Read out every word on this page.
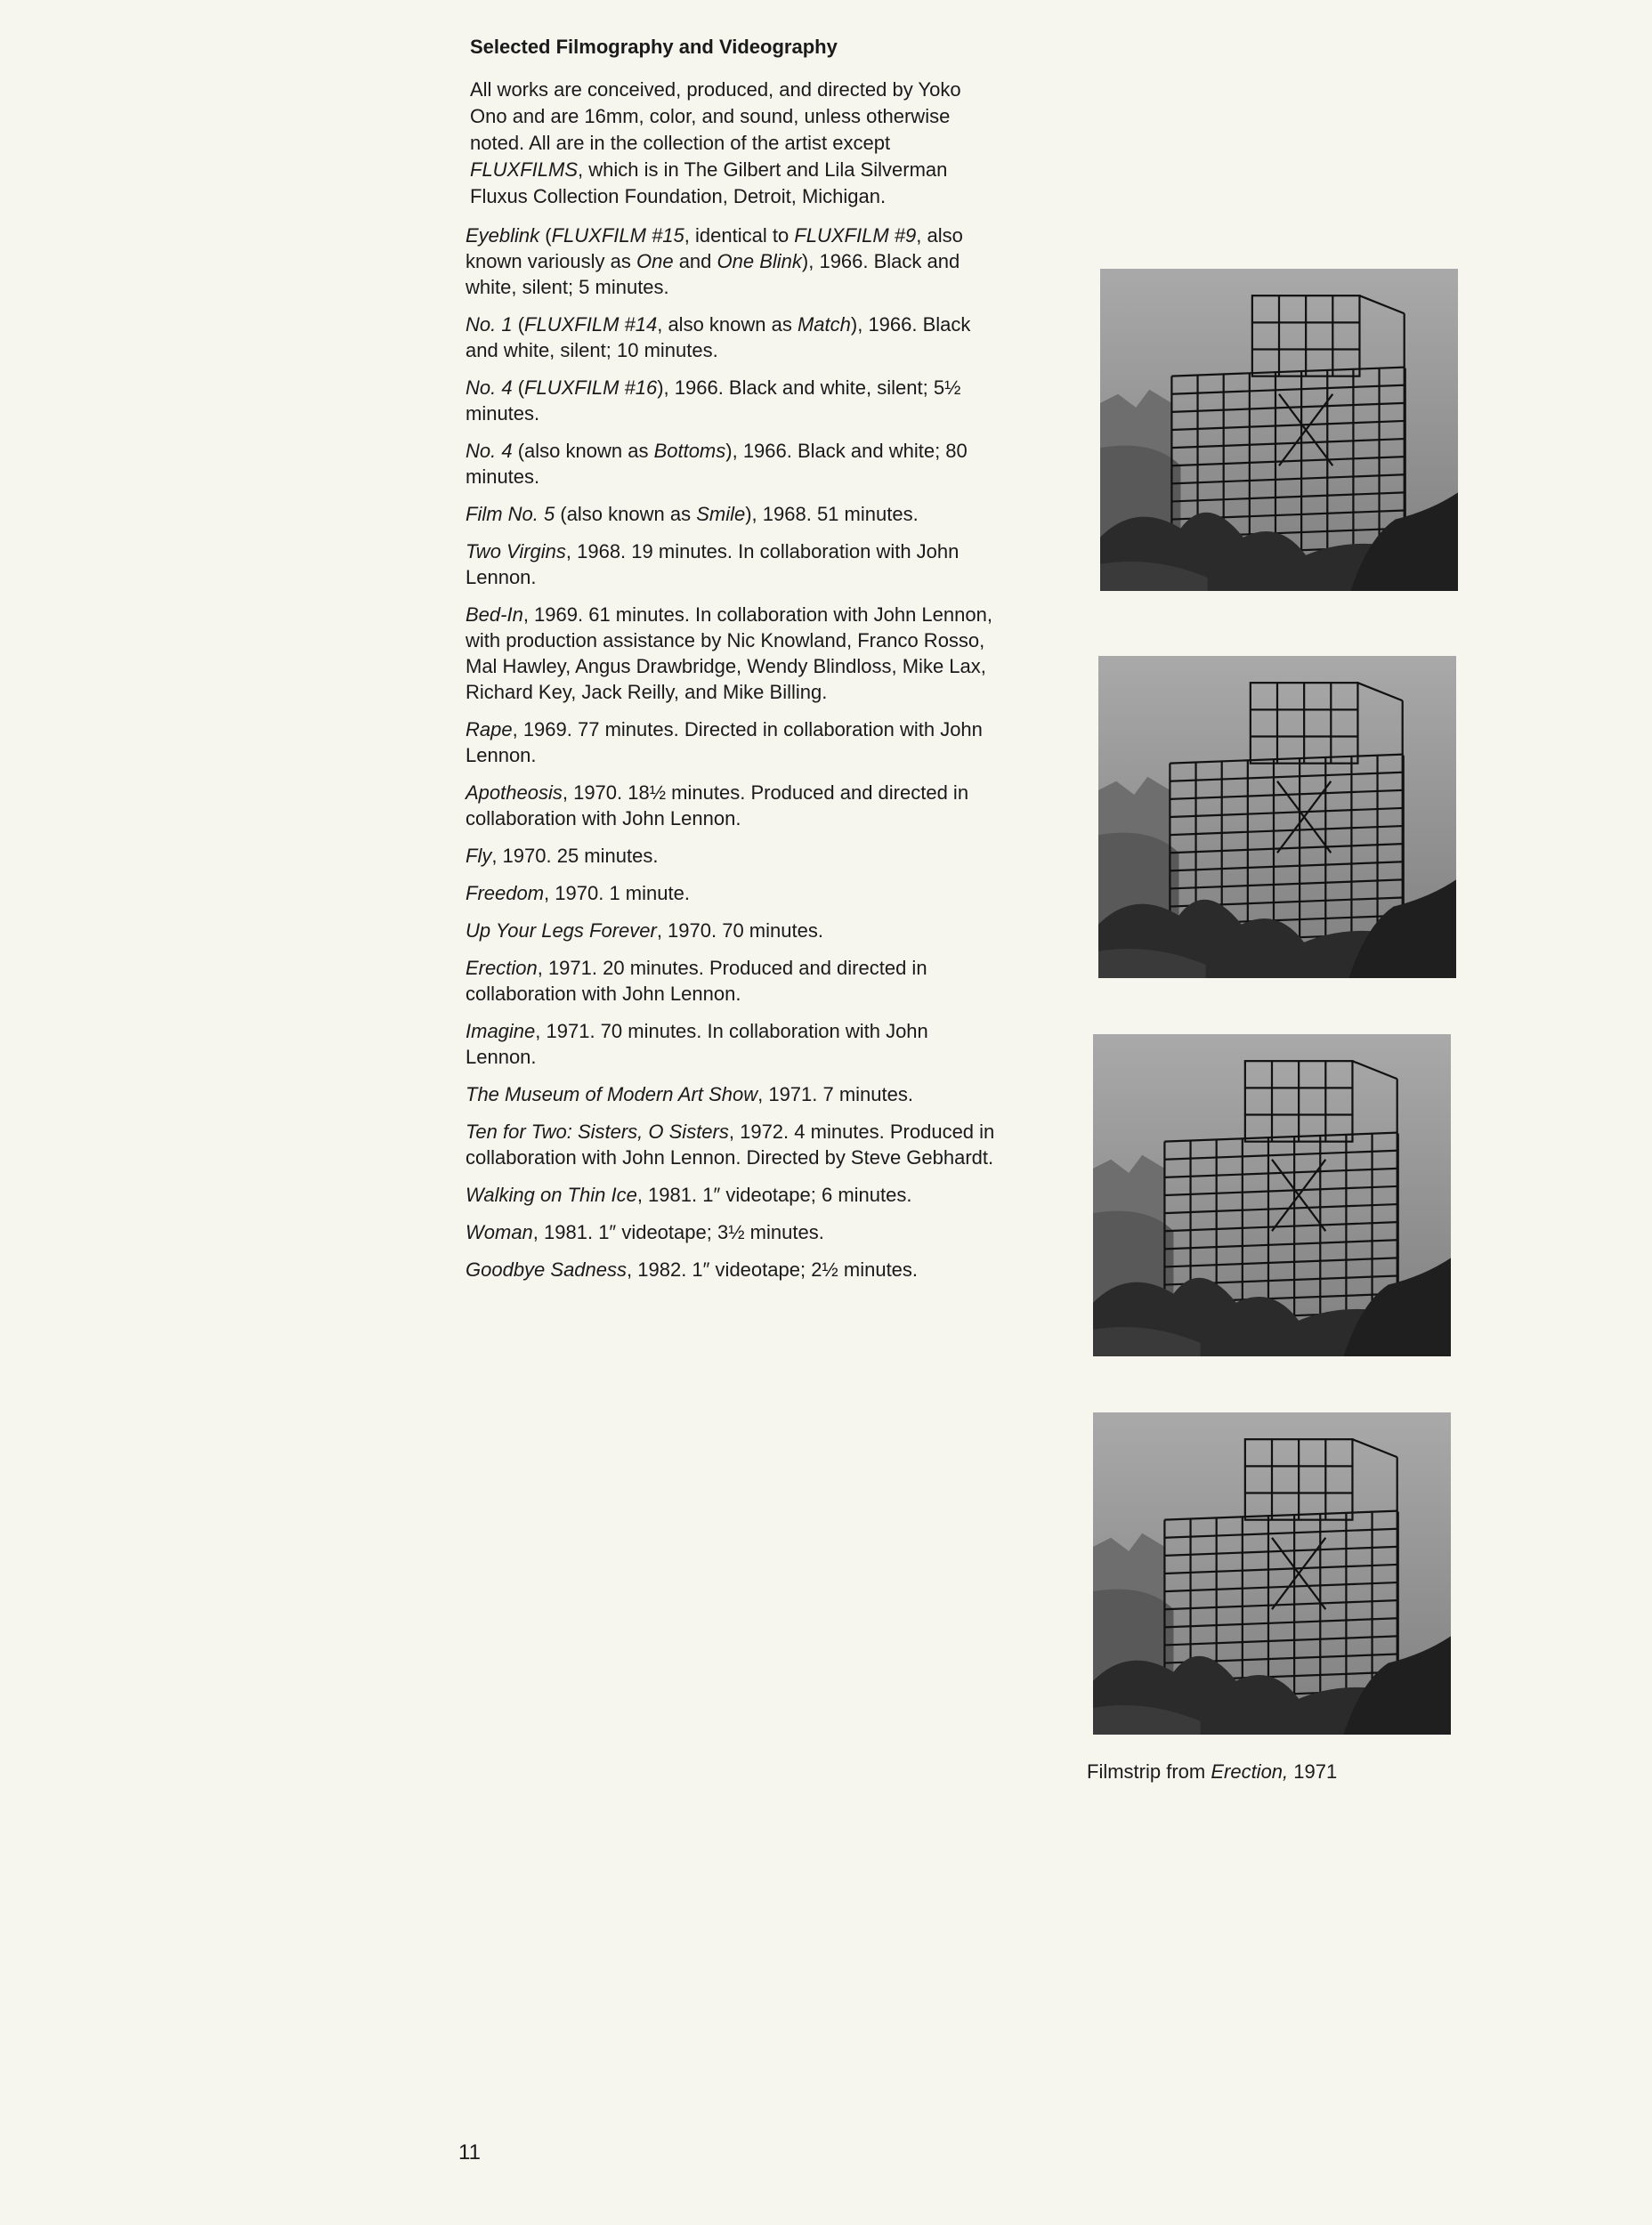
Selected Filmography and Videography

All works are conceived, produced, and directed by Yoko Ono and are 16mm, color, and sound, unless otherwise noted. All are in the collection of the artist except FLUXFILMS, which is in The Gilbert and Lila Silverman Fluxus Collection Foundation, Detroit, Michigan.

Eyeblink (FLUXFILM #15, identical to FLUXFILM #9, also known variously as One and One Blink), 1966. Black and white, silent; 5 minutes.

No. 1 (FLUXFILM #14, also known as Match), 1966. Black and white, silent; 10 minutes.

No. 4 (FLUXFILM #16), 1966. Black and white, silent; 5½ minutes.

No. 4 (also known as Bottoms), 1966. Black and white; 80 minutes.

Film No. 5 (also known as Smile), 1968. 51 minutes.

Two Virgins, 1968. 19 minutes. In collaboration with John Lennon.

Bed-In, 1969. 61 minutes. In collaboration with John Lennon, with production assistance by Nic Knowland, Franco Rosso, Mal Hawley, Angus Drawbridge, Wendy Blindloss, Mike Lax, Richard Key, Jack Reilly, and Mike Billing.

Rape, 1969. 77 minutes. Directed in collaboration with John Lennon.

Apotheosis, 1970. 18½ minutes. Produced and directed in collaboration with John Lennon.

Fly, 1970. 25 minutes.

Freedom, 1970. 1 minute.

Up Your Legs Forever, 1970. 70 minutes.

Erection, 1971. 20 minutes. Produced and directed in collaboration with John Lennon.

Imagine, 1971. 70 minutes. In collaboration with John Lennon.

The Museum of Modern Art Show, 1971. 7 minutes.

Ten for Two: Sisters, O Sisters, 1972. 4 minutes. Produced in collaboration with John Lennon. Directed by Steve Gebhardt.

Walking on Thin Ice, 1981. 1″ videotape; 6 minutes.

Woman, 1981. 1″ videotape; 3½ minutes.

Goodbye Sadness, 1982. 1″ videotape; 2½ minutes.

Filmstrip from Erection, 1971
11
